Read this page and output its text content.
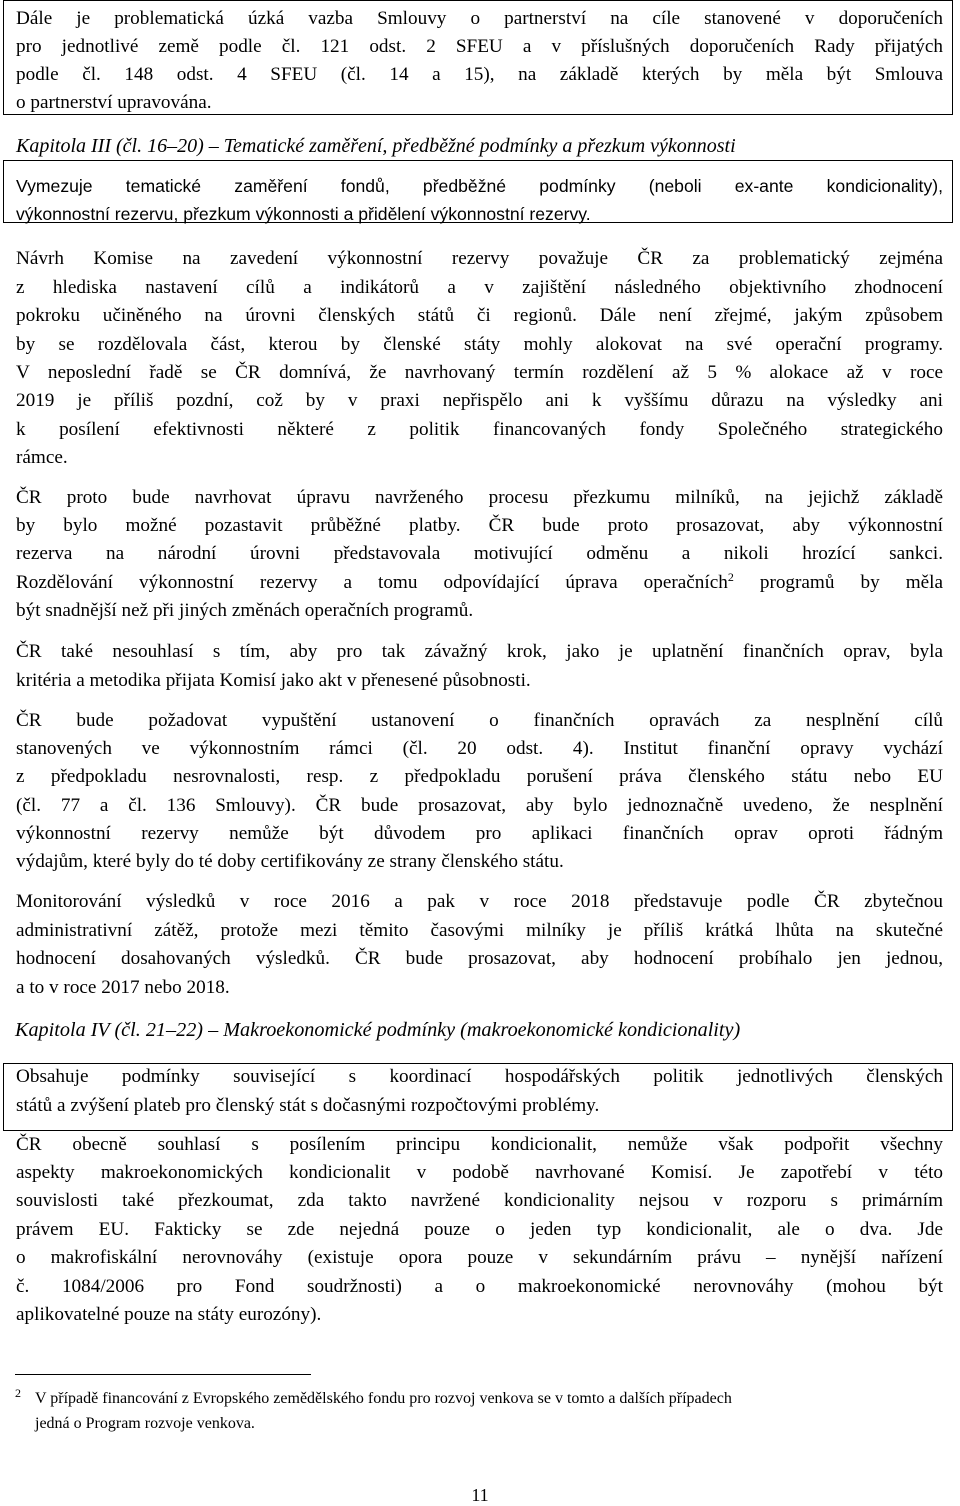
Dále je problematická úzká vazba Smlouvy o partnerství na cíle stanovené v doporučeních
pro jednotlivé země podle čl. 121 odst. 2 SFEU a v příslušných doporučeních Rady přijatých
podle čl. 148 odst. 4 SFEU (čl. 14 a 15), na základě kterých by měla být Smlouva
o partnerství upravována.
Kapitola III (čl. 16–20) – Tematické zaměření, předběžné podmínky a přezkum výkonnosti
Vymezuje tematické zaměření fondů, předběžné podmínky (neboli ex-ante kondicionality),
výkonnostní rezervu, přezkum výkonnosti a přidělení výkonnostní rezervy.
Návrh Komise na zavedení výkonnostní rezervy považuje ČR za problematický zejména
z hlediska nastavení cílů a indikátorů a v zajištění následného objektivního zhodnocení
pokroku učiněného na úrovni členských států či regionů. Dále není zřejmé, jakým způsobem
by se rozdělovala část, kterou by členské státy mohly alokovat na své operační programy.
V neposlední řadě se ČR domnívá, že navrhovaný termín rozdělení až 5 % alokace až v roce
2019 je příliš pozdní, což by v praxi nepřispělo ani k vyššímu důrazu na výsledky ani
k posílení efektivnosti některé z politik financovaných fondy Společného strategického
rámce.
ČR proto bude navrhovat úpravu navrženého procesu přezkumu milníků, na jejichž základě
by bylo možné pozastavit průběžné platby. ČR bude proto prosazovat, aby výkonnostní
rezerva na národní úrovni představovala motivující odměnu a nikoli hrozící sankci.
Rozdělování výkonnostní rezervy a tomu odpovídající úprava operačních$^2$ programů by měla
být snadnější než při jiných změnách operačních programů.
ČR také nesouhlasí s tím, aby pro tak závažný krok, jako je uplatnění finančních oprav, byla
kritéria a metodika přijata Komisí jako akt v přenesené působnosti.
ČR bude požadovat vypuštění ustanovení o finančních opravách za nesplnění cílů
stanovených ve výkonnostním rámci (čl. 20 odst. 4). Institut finanční opravy vychází
z předpokladu nesrovnalosti, resp. z předpokladu porušení práva členského státu nebo EU
(čl. 77 a čl. 136 Smlouvy). ČR bude prosazovat, aby bylo jednoznačně uvedeno, že nesplnění
výkonnostní rezervy nemůže být důvodem pro aplikaci finančních oprav oproti řádným
výdajům, které byly do té doby certifikovány ze strany členského státu.
Monitorování výsledků v roce 2016 a pak v roce 2018 představuje podle ČR zbytečnou
administrativní zátěž, protože mezi těmito časovými milníky je příliš krátká lhůta na skutečné
hodnocení dosahovaných výsledků. ČR bude prosazovat, aby hodnocení probíhalo jen jednou,
a to v roce 2017 nebo 2018.
Kapitola IV (čl. 21–22) – Makroekonomické podmínky (makroekonomické kondicionality)
Obsahuje podmínky související s koordinací hospodářských politik jednotlivých členských
států a zvýšení plateb pro členský stát s dočasnými rozpočtovými problémy.
ČR obecně souhlasí s posílením principu kondicionalit, nemůže však podpořit všechny
aspekty makroekonomických kondicionalit v podobě navrhované Komisí. Je zapotřebí v této
souvislosti také přezkoumat, zda takto navržené kondicionality nejsou v rozporu s primárním
právem EU. Fakticky se zde nejedná pouze o jeden typ kondicionalit, ale o dva. Jde
o makrofiskální nerovnováhy (existuje opora pouze v sekundárním právu – nynější nařízení
č. 1084/2006 pro Fond soudržnosti) a o makroekonomické nerovnováhy (mohou být
aplikovatelné pouze na státy eurozóny).
2 V případě financování z Evropského zemědělského fondu pro rozvoj venkova se v tomto a dalších případech
jedná o Program rozvoje venkova.
11
